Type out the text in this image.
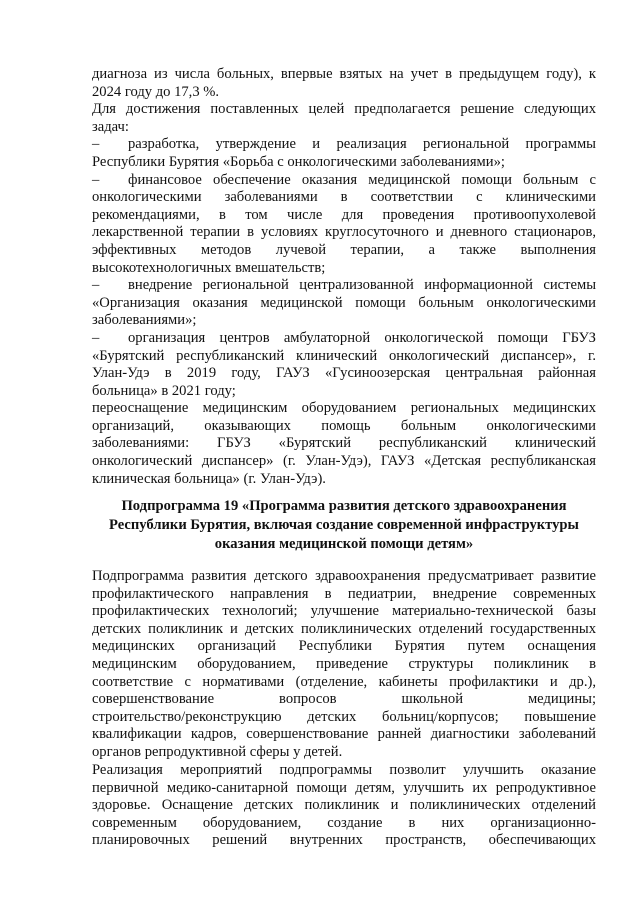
диагноза из числа больных, впервые взятых на учет в предыдущем году), к
2024 году до 17,3 %.
Для достижения поставленных целей предполагается решение следующих
задач:
– разработка, утверждение и реализация региональной программы
Республики Бурятия «Борьба с онкологическими заболеваниями»;
– финансовое обеспечение оказания медицинской помощи больным с
онкологическими заболеваниями в соответствии с клиническими
рекомендациями, в том числе для проведения противоопухолевой
лекарственной терапии в условиях круглосуточного и дневного стационаров,
эффективных методов лучевой терапии, а также выполнения
высокотехнологичных вмешательств;
– внедрение региональной централизованной информационной системы
«Организация оказания медицинской помощи больным онкологическими
заболеваниями»;
– организация центров амбулаторной онкологической помощи ГБУЗ
«Бурятский республиканский клинический онкологический диспансер», г.
Улан-Удэ в 2019 году, ГАУЗ «Гусиноозерская центральная районная
больница» в 2021 году;
переоснащение медицинским оборудованием региональных медицинских
организаций, оказывающих помощь больным онкологическими
заболеваниями: ГБУЗ «Бурятский республиканский клинический
онкологический диспансер» (г. Улан-Удэ), ГАУЗ «Детская республиканская
клиническая больница» (г. Улан-Удэ).
Подпрограмма 19 «Программа развития детского здравоохранения
Республики Бурятия, включая создание современной инфраструктуры
оказания медицинской помощи детям»
Подпрограмма развития детского здравоохранения предусматривает развитие
профилактического направления в педиатрии, внедрение современных
профилактических технологий; улучшение материально-технической базы
детских поликлиник и детских поликлинических отделений государственных
медицинских организаций Республики Бурятия путем оснащения
медицинским оборудованием, приведение структуры поликлиник в
соответствие с нормативами (отделение, кабинеты профилактики и др.),
совершенствование вопросов школьной медицины;
строительство/реконструкцию детских больниц/корпусов; повышение
квалификации кадров, совершенствование ранней диагностики заболеваний
органов репродуктивной сферы у детей.
Реализация мероприятий подпрограммы позволит улучшить оказание
первичной медико-санитарной помощи детям, улучшить их репродуктивное
здоровье. Оснащение детских поликлиник и поликлинических отделений
современным оборудованием, создание в них организационно-
планировочных решений внутренних пространств, обеспечивающих
